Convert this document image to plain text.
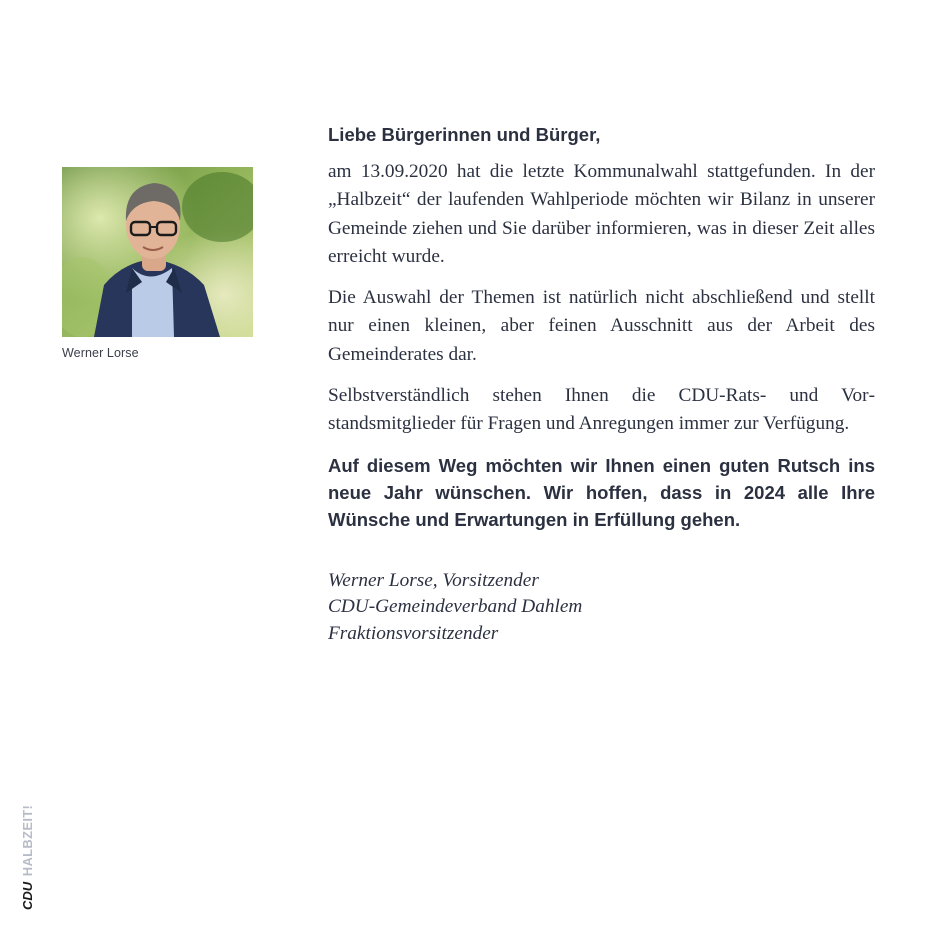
Werner Lorse
Liebe Bürgerinnen und Bürger,

am 13.09.2020 hat die letzte Kommunalwahl stattgefunden. In der „Halbzeit“ der laufenden Wahlperiode möchten wir Bilanz in unserer Gemeinde ziehen und Sie darüber informieren, was in dieser Zeit alles erreicht wurde.

Die Auswahl der Themen ist natürlich nicht abschließend und stellt nur einen kleinen, aber feinen Ausschnitt aus der Arbeit des Gemeinderates dar.

Selbstverständlich stehen Ihnen die CDU-Rats- und Vorstandsmitglieder für Fragen und Anregungen immer zur Verfügung.

Auf diesem Weg möchten wir Ihnen einen guten Rutsch ins neue Jahr wünschen. Wir hoffen, dass in 2024 alle Ihre Wünsche und Erwartungen in Erfüllung gehen.

Werner Lorse, Vorsitzender
CDU-Gemeindeverband Dahlem
Fraktionsvorsitzender
CDU HALBZEIT!
